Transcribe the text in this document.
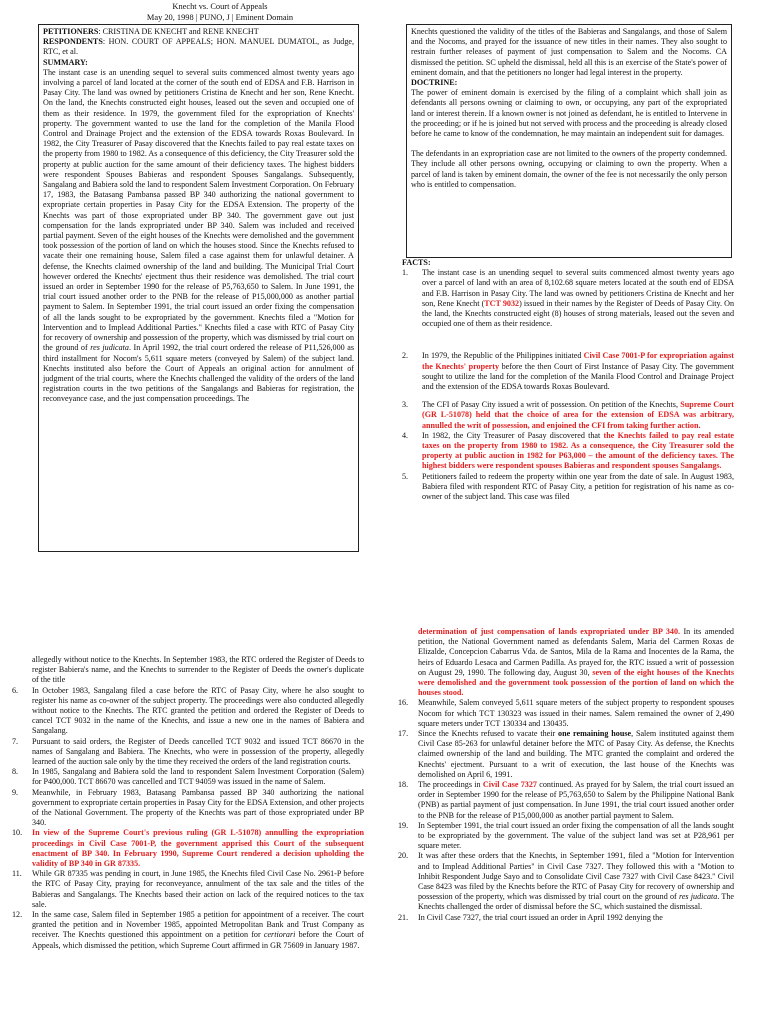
Knecht vs. Court of Appeals
May 20, 1998 | PUNO, J | Eminent Domain

PETITIONERS: CRISTINA DE KNECHT and RENE KNECHT

RESPONDENTS: HON. COURT OF APPEALS; HON. MANUEL DUMATOL, as Judge, RTC, et al.

SUMMARY:

The instant case is an unending sequel to several suits commenced almost twenty years ago involving a parcel of land located at the corner of the south end of EDSA and F.B. Harrison in Pasay City. The land was owned by petitioners Cristina de Knecht and her son, Rene Knecht. On the land, the Knechts constructed eight houses, leased out the seven and occupied one of them as their residence. In 1979, the government filed for the expropriation of Knechts' property. The government wanted to use the land for the completion of the Manila Flood Control and Drainage Project and the extension of the EDSA towards Roxas Boulevard. In 1982, the City Treasurer of Pasay discovered that the Knechts failed to pay real estate taxes on the property from 1980 to 1982. As a consequence of this deficiency, the City Treasurer sold the property at public auction for the same amount of their deficiency taxes. The highest bidders were respondent Spouses Babieras and respondent Spouses Sangalangs. Subsequently, Sangalang and Babiera sold the land to respondent Salem Investment Corporation. On February 17, 1983, the Batasang Pambansa passed BP 340 authorizing the national government to expropriate certain properties in Pasay City for the EDSA Extension. The property of the Knechts was part of those expropriated under BP 340. The government gave out just compensation for the lands expropriated under BP 340. Salem was included and received partial payment. Seven of the eight houses of the Knechts were demolished and the government took possession of the portion of land on which the houses stood. Since the Knechts refused to vacate their one remaining house, Salem filed a case against them for unlawful detainer. A defense, the Knechts claimed ownership of the land and building. The Municipal Trial Court however ordered the Knechts' ejectment thus their residence was demolished. The trial court issued an order in September 1990 for the release of P5,763,650 to Salem. In June 1991, the trial court issued another order to the PNB for the release of P15,000,000 as another partial payment to Salem. In September 1991, the trial court issued an order fixing the compensation of all the lands sought to be expropriated by the government. Knechts filed a "Motion for Intervention and to Implead Additional Parties." Knechts filed a case with RTC of Pasay City for recovery of ownership and possession of the property, which was dismissed by trial court on the ground of res judicata. In April 1992, the trial court ordered the release of P11,526,000 as third installment for Nocom's 5,611 square meters (conveyed by Salem) of the subject land. Knechts instituted also before the Court of Appeals an original action for annulment of judgment of the trial courts, where the Knechts challenged the validity of the orders of the land registration courts in the two petitions of the Sangalangs and Babieras for registration, the reconveyance case, and the just compensation proceedings. The

Knechts questioned the validity of the titles of the Babieras and Sangalangs, and those of Salem and the Nocoms, and prayed for the issuance of new titles in their names. They also sought to restrain further releases of payment of just compensation to Salem and the Nocoms. CA dismissed the petition. SC upheld the dismissal, held all this is an exercise of the State's power of eminent domain, and that the petitioners no longer had legal interest in the property.

DOCTRINE:

The power of eminent domain is exercised by the filing of a complaint which shall join as defendants all persons owning or claiming to own, or occupying, any part of the expropriated land or interest therein. If a known owner is not joined as defendant, he is entitled to Intervene in the proceeding; or if he is joined but not served with process and the proceeding is already closed before he came to know of the condemnation, he may maintain an independent suit for damages.

The defendants in an expropriation case are not limited to the owners of the property condemned. They include all other persons owning, occupying or claiming to own the property. When a parcel of land is taken by eminent domain, the owner of the fee is not necessarily the only person who is entitled to compensation.

FACTS:

1.	The instant case is an unending sequel to several suits commenced almost twenty years ago over a parcel of land with an area of 8,102.68 square meters located at the south end of EDSA and F.B. Harrison in Pasay City. The land was owned by petitioners Cristina de Knecht and her son, Rene Knecht (TCT 9032) issued in their names by the Register of Deeds of Pasay City. On the land, the Knechts constructed eight (8) houses of strong materials, leased out the seven and occupied one of them as their residence.
2.	In 1979, the Republic of the Philippines initiated Civil Case 7001-P for expropriation against the Knechts' property before the then Court of First Instance of Pasay City. The government sought to utilize the land for the completion of the Manila Flood Control and Drainage Project and the extension of the EDSA towards Roxas Boulevard.
3.	The CFI of Pasay City issued a writ of possession. On petition of the Knechts, Supreme Court (GR L-51078) held that the choice of area for the extension of EDSA was arbitrary, annulled the writ of possession, and enjoined the CFI from taking further action.
4.	In 1982, the City Treasurer of Pasay discovered that the Knechts failed to pay real estate taxes on the property from 1980 to 1982. As a consequence, the City Treasurer sold the property at public auction in 1982 for P63,000 – the amount of the deficiency taxes. The highest bidders were respondent spouses Babieras and respondent spouses Sangalangs.
5.	Petitioners failed to redeem the property within one year from the date of sale. In August 1983, Babiera filed with respondent RTC of Pasay City, a petition for registration of his name as co-owner of the subject land. This case was filed

allegedly without notice to the Knechts. In September 1983, the RTC ordered the Register of Deeds to register Babiera's name, and the Knechts to surrender to the Register of Deeds the owner's duplicate of the title

6.	In October 1983, Sangalang filed a case before the RTC of Pasay City, where he also sought to register his name as co-owner of the subject property. The proceedings were also conducted allegedly without notice to the Knechts. The RTC granted the petition and ordered the Register of Deeds to cancel TCT 9032 in the name of the Knechts, and issue a new one in the names of Babiera and Sangalang.
7.	Pursuant to said orders, the Register of Deeds cancelled TCT 9032 and issued TCT 86670 in the names of Sangalang and Babiera. The Knechts, who were in possession of the property, allegedly learned of the auction sale only by the time they received the orders of the land registration courts.
8.	In 1985, Sangalang and Babiera sold the land to respondent Salem Investment Corporation (Salem) for P400,000. TCT 86670 was cancelled and TCT 94059 was issued in the name of Salem.
9.	Meanwhile, in February 1983, Batasang Pambansa passed BP 340 authorizing the national government to expropriate certain properties in Pasay City for the EDSA Extension, and other projects of the National Government. The property of the Knechts was part of those expropriated under BP 340.
10.	In view of the Supreme Court's previous ruling (GR L-51078) annulling the expropriation proceedings in Civil Case 7001-P, the government apprised this Court of the subsequent enactment of BP 340. In February 1990, Supreme Court rendered a decision upholding the validity of BP 340 in GR 87335.
11.	While GR 87335 was pending in court, in June 1985, the Knechts filed Civil Case No. 2961-P before the RTC of Pasay City, praying for reconveyance, annulment of the tax sale and the titles of the Babieras and Sangalangs. The Knechts based their action on lack of the required notices to the tax sale.
12.	In the same case, Salem filed in September 1985 a petition for appointment of a receiver. The court granted the petition and in November 1985, appointed Metropolitan Bank and Trust Company as receiver. The Knechts questioned this appointment on a petition for certiorari before the Court of Appeals, which dismissed the petition, which Supreme Court affirmed in GR 75609 in January 1987.

determination of just compensation of lands expropriated under BP 340. In its amended petition, the National Government named as defendants Salem, Maria del Carmen Roxas de Elizalde, Concepcion Cabarrus Vda. de Santos, Mila de la Rama and Inocentes de la Rama, the heirs of Eduardo Lesaca and Carmen Padilla. As prayed for, the RTC issued a writ of possession on August 29, 1990. The following day, August 30, seven of the eight houses of the Knechts were demolished and the government took possession of the portion of land on which the houses stood.

16.	Meanwhile, Salem conveyed 5,611 square meters of the subject property to respondent spouses Nocom for which TCT 130323 was issued in their names. Salem remained the owner of 2,490 square meters under TCT 130334 and 130435.
17.	Since the Knechts refused to vacate their one remaining house, Salem instituted against them Civil Case 85-263 for unlawful detainer before the MTC of Pasay City. As defense, the Knechts claimed ownership of the land and building. The MTC granted the complaint and ordered the Knechts' ejectment. Pursuant to a writ of execution, the last house of the Knechts was demolished on April 6, 1991.
18.	The proceedings in Civil Case 7327 continued. As prayed for by Salem, the trial court issued an order in September 1990 for the release of P5,763,650 to Salem by the Philippine National Bank (PNB) as partial payment of just compensation. In June 1991, the trial court issued another order to the PNB for the release of P15,000,000 as another partial payment to Salem.
19.	In September 1991, the trial court issued an order fixing the compensation of all the lands sought to be expropriated by the government. The value of the subject land was set at P28,961 per square meter.
20.	It was after these orders that the Knechts, in September 1991, filed a "Motion for Intervention and to Implead Additional Parties" in Civil Case 7327. They followed this with a "Motion to Inhibit Respondent Judge Sayo and to Consolidate Civil Case 7327 with Civil Case 8423." Civil Case 8423 was filed by the Knechts before the RTC of Pasay City for recovery of ownership and possession of the property, which was dismissed by trial court on the ground of res judicata. The Knechts challenged the order of dismissal before the SC, which sustained the dismissal.
21.	In Civil Case 7327, the trial court issued an order in April 1992 denying the
